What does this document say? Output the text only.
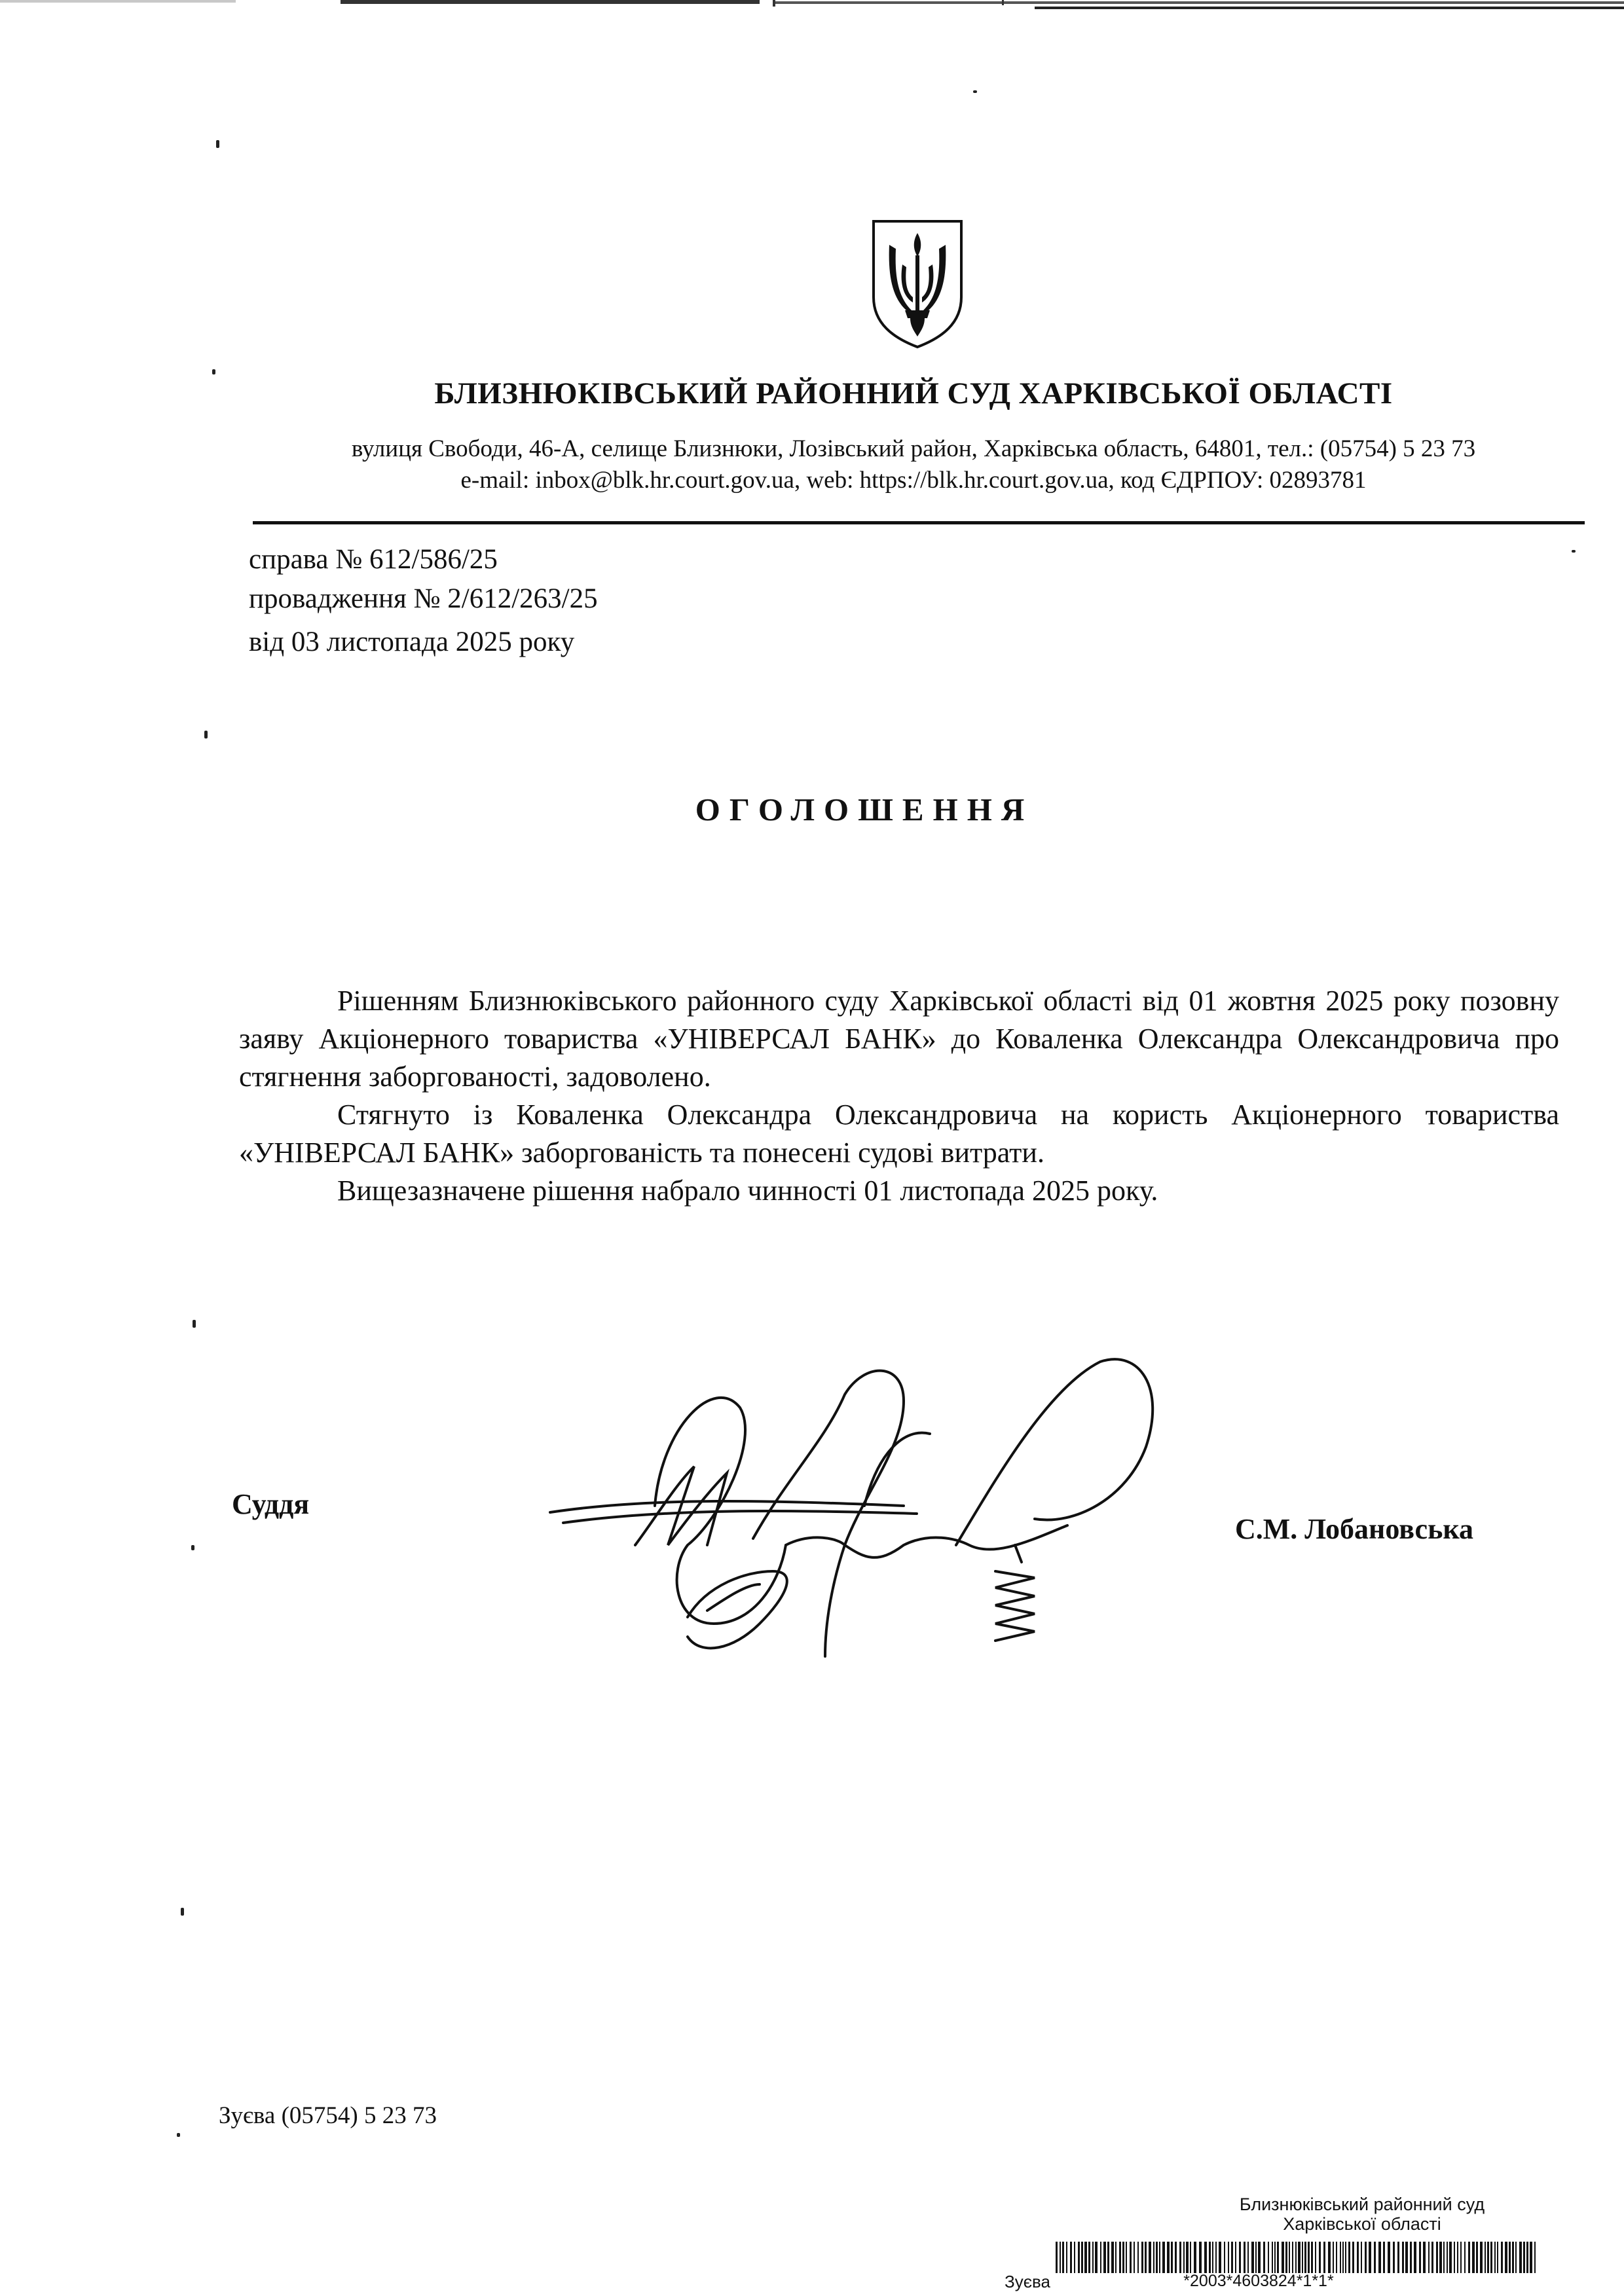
БЛИЗНЮКІВСЬКИЙ РАЙОННИЙ СУД ХАРКІВСЬКОЇ ОБЛАСТІ
вулиця Свободи, 46-А, селище Близнюки, Лозівський район, Харківська область, 64801, тел.: (05754) 5 23 73
e-mail: inbox@blk.hr.court.gov.ua, web: https://blk.hr.court.gov.ua, код ЄДРПОУ: 02893781
справа № 612/586/25
провадження № 2/612/263/25
від 03 листопада 2025 року
ОГОЛОШЕННЯ

Рішенням Близнюківського районного суду Харківської області від 01 жовтня 2025 року позовну заяву Акціонерного товариства «УНІВЕРСАЛ БАНК» до Коваленка Олександра Олександровича про стягнення заборгованості, задоволено.

Стягнуто із Коваленка Олександра Олександровича на користь Акціонерного товариства «УНІВЕРСАЛ БАНК» заборгованість та понесені судові витрати.

Вищезазначене рішення набрало чинності 01 листопада 2025 року.

Суддя
С.М. Лобановська
Зуєва (05754) 5 23 73
Близнюківський районний суд
Харківської області
Зуєва	*2003*4603824*1*1*
